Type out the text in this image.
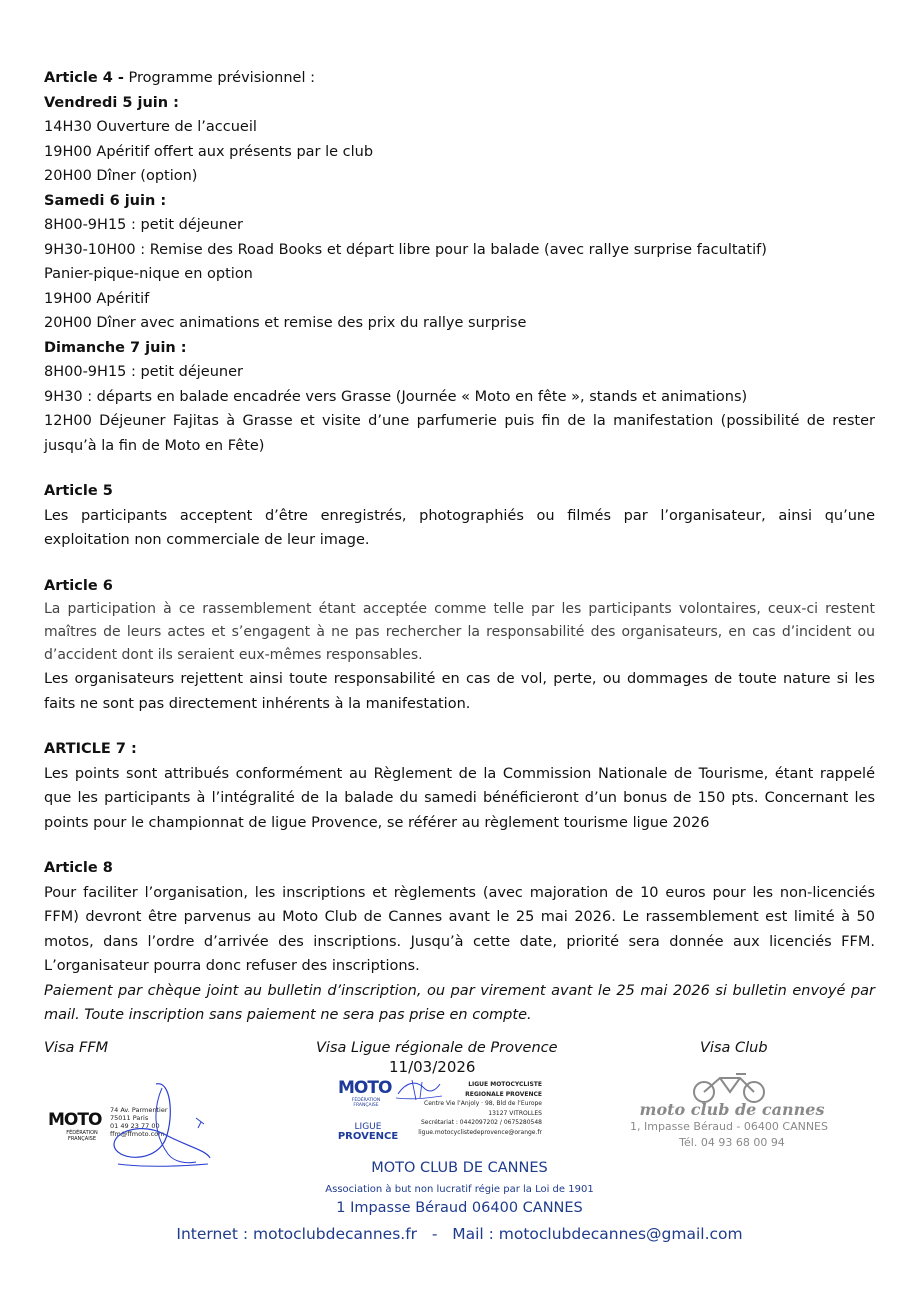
Article 4 - Programme prévisionnel :

Vendredi 5 juin :

14H30 Ouverture de l’accueil

19H00 Apéritif offert aux présents par le club

20H00 Dîner (option)

Samedi 6 juin :

8H00-9H15 : petit déjeuner

9H30-10H00 : Remise des Road Books et départ libre pour la balade (avec rallye surprise facultatif)

Panier-pique-nique en option

19H00 Apéritif

20H00 Dîner avec animations et remise des prix du rallye surprise

Dimanche 7 juin :

8H00-9H15 : petit déjeuner

9H30 : départs en balade encadrée vers Grasse (Journée « Moto en fête », stands et animations)

12H00 Déjeuner Fajitas à Grasse et visite d’une parfumerie puis fin de la manifestation (possibilité de rester jusqu’à la fin de Moto en Fête)

Article 5

Les participants acceptent d’être enregistrés, photographiés ou filmés par l’organisateur, ainsi qu’une exploitation non commerciale de leur image.

Article 6

La participation à ce rassemblement étant acceptée comme telle par les participants volontaires, ceux-ci restent maîtres de leurs actes et s’engagent à ne pas rechercher la responsabilité des organisateurs, en cas d’incident ou d’accident dont ils seraient eux-mêmes responsables.

Les organisateurs rejettent ainsi toute responsabilité en cas de vol, perte, ou dommages de toute nature si les faits ne sont pas directement inhérents à la manifestation.

ARTICLE 7 :

Les points sont attribués conformément au Règlement de la Commission Nationale de Tourisme, étant rappelé que les participants à l’intégralité de la balade du samedi bénéficieront d’un bonus de 150 pts. Concernant les points pour le championnat de ligue Provence, se référer au règlement tourisme ligue 2026

Article 8

Pour faciliter l’organisation, les inscriptions et règlements (avec majoration de 10 euros pour les non-licenciés FFM) devront être parvenus au Moto Club de Cannes avant le 25 mai 2026. Le rassemblement est limité à 50 motos, dans l’ordre d’arrivée des inscriptions. Jusqu’à cette date, priorité sera donnée aux licenciés FFM. L’organisateur pourra donc refuser des inscriptions.

Paiement par chèque joint au bulletin d’inscription, ou par virement avant le 25 mai 2026 si bulletin envoyé par mail. Toute inscription sans paiement ne sera pas prise en compte.

Visa FFM	Visa Ligue régionale de Provence	Visa Club
11/03/2026
MOTO
FÉDÉRATION FRANÇAISE
74 Av. Parmentier
75011 Paris
01 49 23 77 00
ffm@ffmoto.com
MOTO
FÉDÉRATION FRANÇAISE
LIGUE
PROVENCE
LIGUE MOTOCYCLISTE
REGIONALE PROVENCE
Centre Vie l’Anjoly · 98, Bld de l’Europe
13127 VITROLLES
Secrétariat : 0442097202 / 0675280548
ligue.motocyclistedeprovence@orange.fr
moto club de cannes
1, Impasse Béraud - 06400 CANNES
Tél. 04 93 68 00 94
MOTO CLUB DE CANNES
Association à but non lucratif régie par la Loi de 1901
1 Impasse Béraud 06400 CANNES
Internet : motoclubdecannes.fr   -   Mail : motoclubdecannes@gmail.com
